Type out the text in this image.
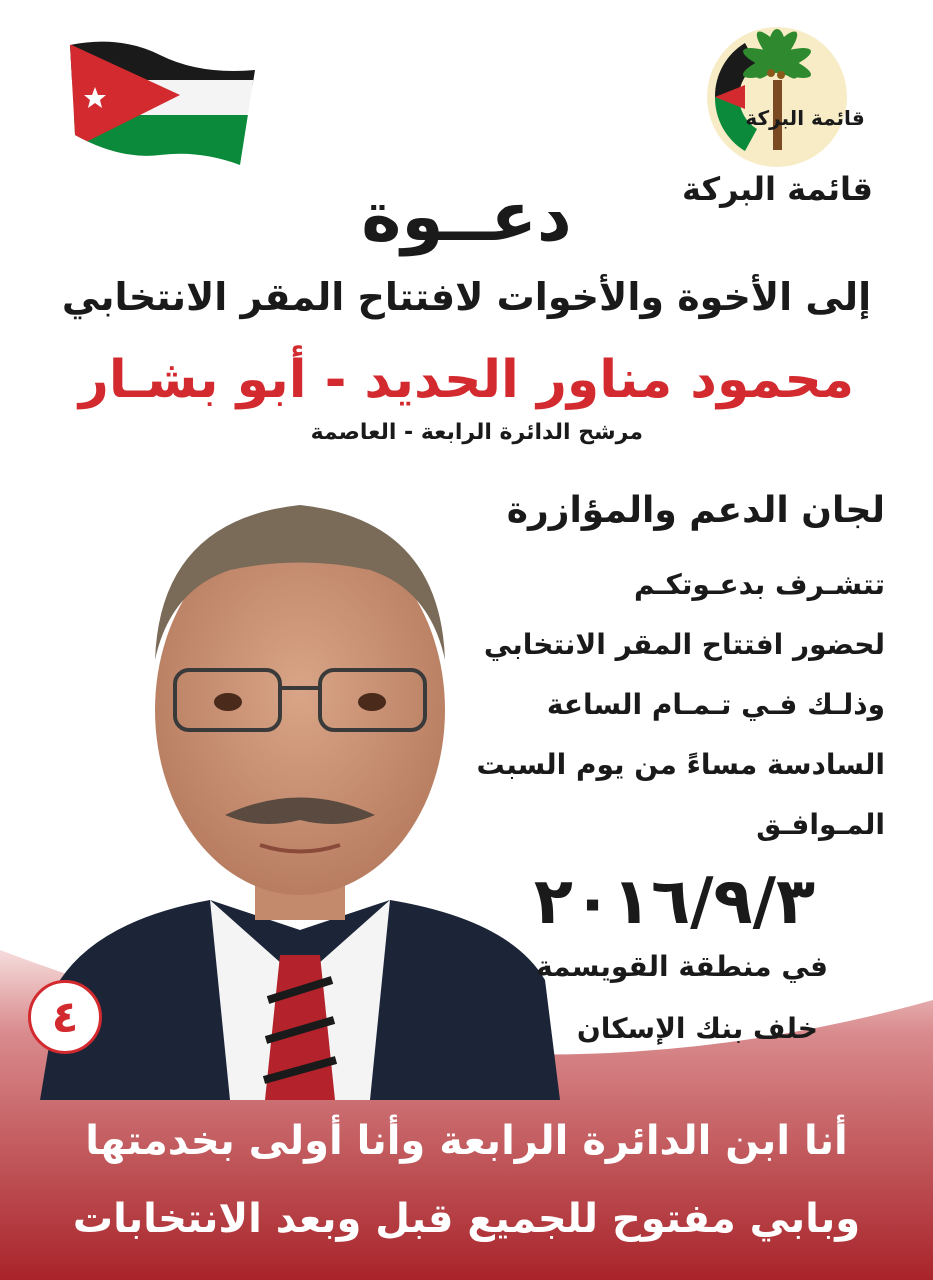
قائمة البركة
قائمة البركة
دعــوة
إلى الأخوة والأخوات لافتتاح المقر الانتخابي
محمود مناور الحديد - أبو بشـار
مرشح الدائرة الرابعة - العاصمة
لجان الدعم والمؤازرة
تتشـرف بدعـوتكـم
لحضور افتتاح المقر الانتخابي
وذلـك فـي تـمـام الساعة
السادسة مساءً من يوم السبت
المـوافـق
٢٠١٦/٩/٣
في منطقة القويسمة
خلف بنك الإسكان
٤
أنا ابن الدائرة الرابعة وأنا أولى بخدمتها
وبابي مفتوح للجميع قبل وبعد الانتخابات
